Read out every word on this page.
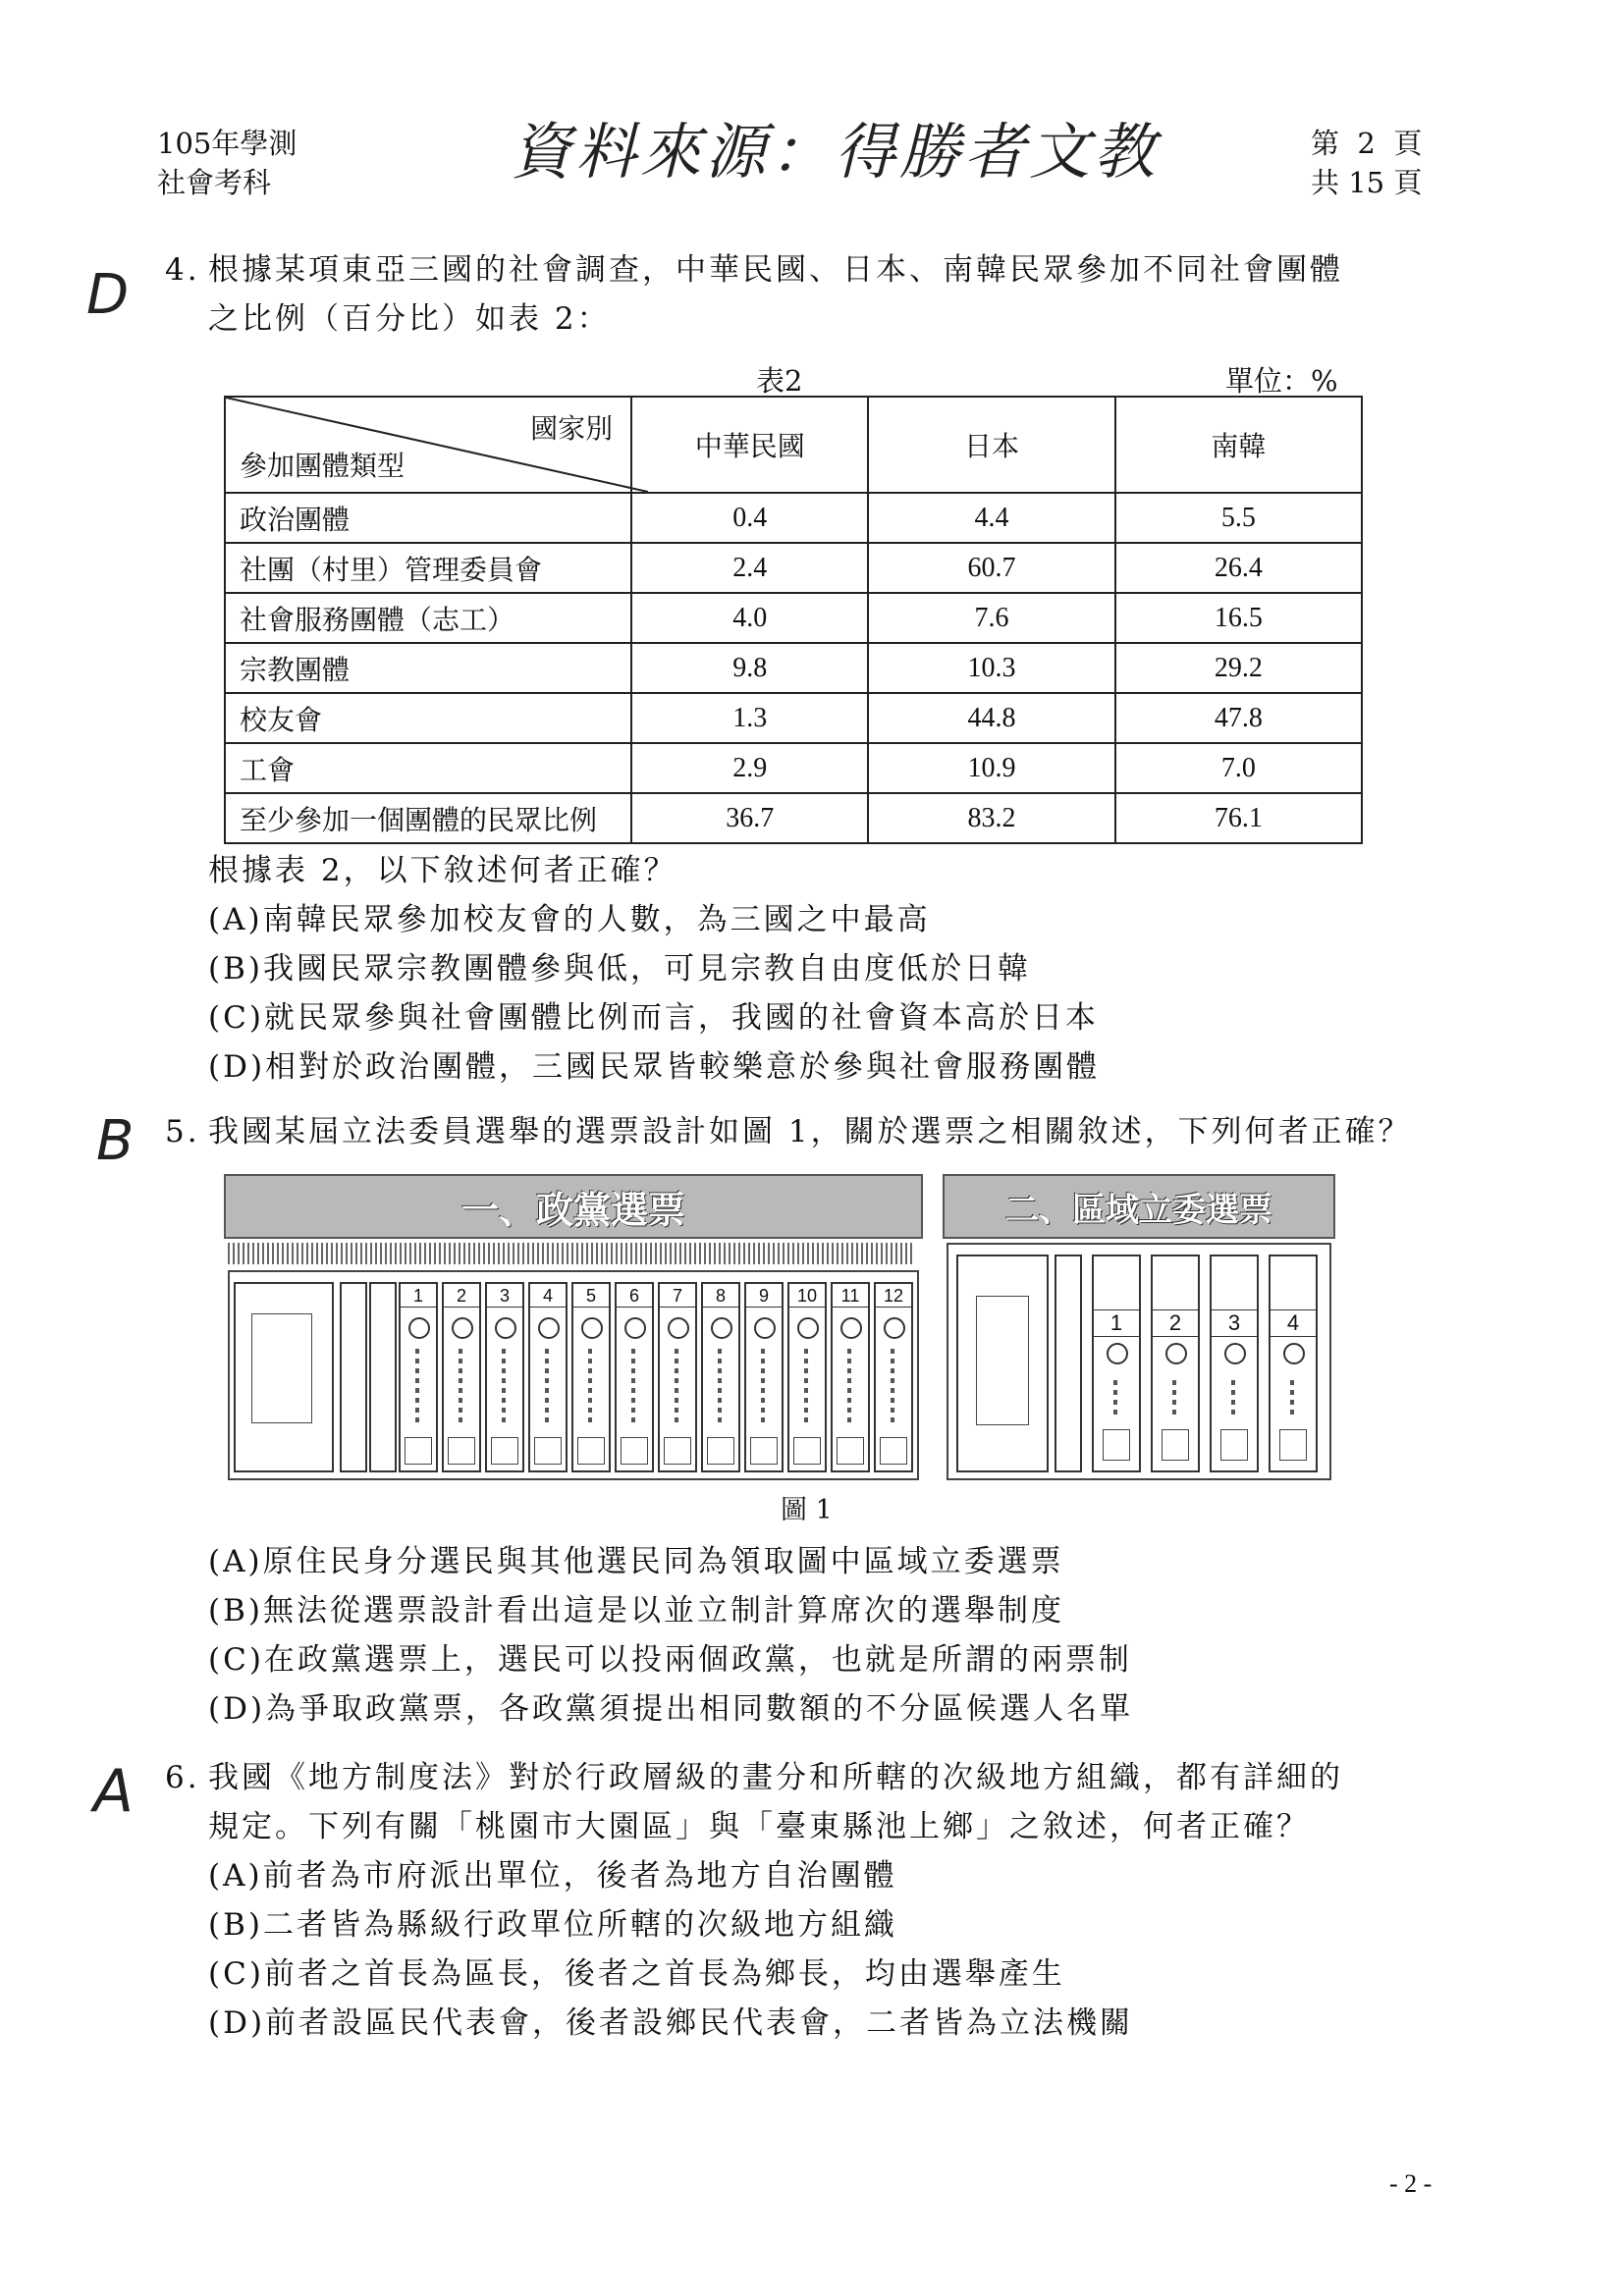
105年學測
社會考科	資料來源：得勝者文教	第  2  頁
共 15 頁
D 4. 根據某項東亞三國的社會調查，中華民國、日本、南韓民眾參加不同社會團體
之比例（百分比）如表 2：
表2	單位：%
國家別
參加團體類型	中華民國	日本	南韓
政治團體	0.4	4.4	5.5
社團（村里）管理委員會	2.4	60.7	26.4
社會服務團體（志工）	4.0	7.6	16.5
宗教團體	9.8	10.3	29.2
校友會	1.3	44.8	47.8
工會	2.9	10.9	7.0
至少參加一個團體的民眾比例	36.7	83.2	76.1
根據表 2，以下敘述何者正確？
(A)南韓民眾參加校友會的人數，為三國之中最高
(B)我國民眾宗教團體參與低，可見宗教自由度低於日韓
(C)就民眾參與社會團體比例而言，我國的社會資本高於日本
(D)相對於政治團體，三國民眾皆較樂意於參與社會服務團體
B 5. 我國某屆立法委員選舉的選票設計如圖 1，關於選票之相關敘述，下列何者正確？
一、政黨選票
1	2	3	4	5	6	7	8	9	10	11	12
二、區域立委選票
1	2	3	4
圖 1
(A)原住民身分選民與其他選民同為領取圖中區域立委選票
(B)無法從選票設計看出這是以並立制計算席次的選舉制度
(C)在政黨選票上，選民可以投兩個政黨，也就是所謂的兩票制
(D)為爭取政黨票，各政黨須提出相同數額的不分區候選人名單
A 6. 我國《地方制度法》對於行政層級的畫分和所轄的次級地方組織，都有詳細的
規定。下列有關「桃園市大園區」與「臺東縣池上鄉」之敘述，何者正確？
(A)前者為市府派出單位，後者為地方自治團體
(B)二者皆為縣級行政單位所轄的次級地方組織
(C)前者之首長為區長，後者之首長為鄉長，均由選舉產生
(D)前者設區民代表會，後者設鄉民代表會，二者皆為立法機關
- 2 -
